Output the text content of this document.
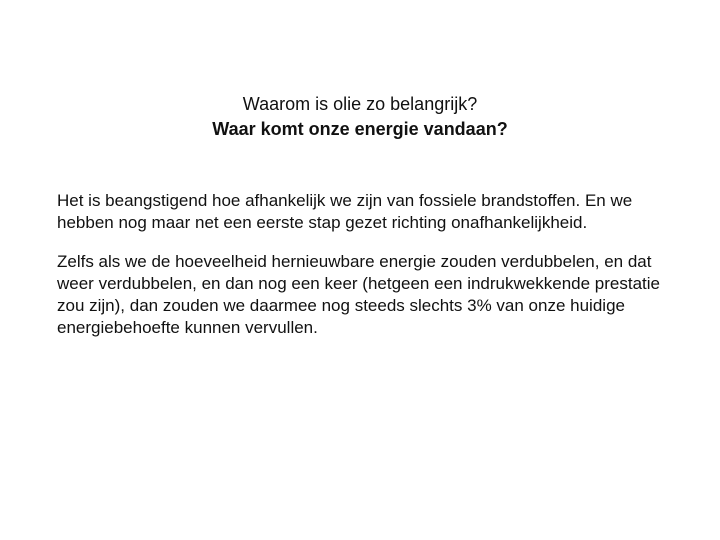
Waarom is olie zo belangrijk?
Waar komt onze energie vandaan?

Het is beangstigend hoe afhankelijk we zijn van fossiele brandstoffen. En we hebben nog maar net een eerste stap gezet richting onafhankelijkheid.

Zelfs als we de hoeveelheid hernieuwbare energie zouden verdubbelen, en dat weer verdubbelen, en dan nog een keer (hetgeen een indrukwekkende prestatie zou zijn), dan zouden we daarmee nog steeds slechts 3% van onze huidige energiebehoefte kunnen vervullen.
